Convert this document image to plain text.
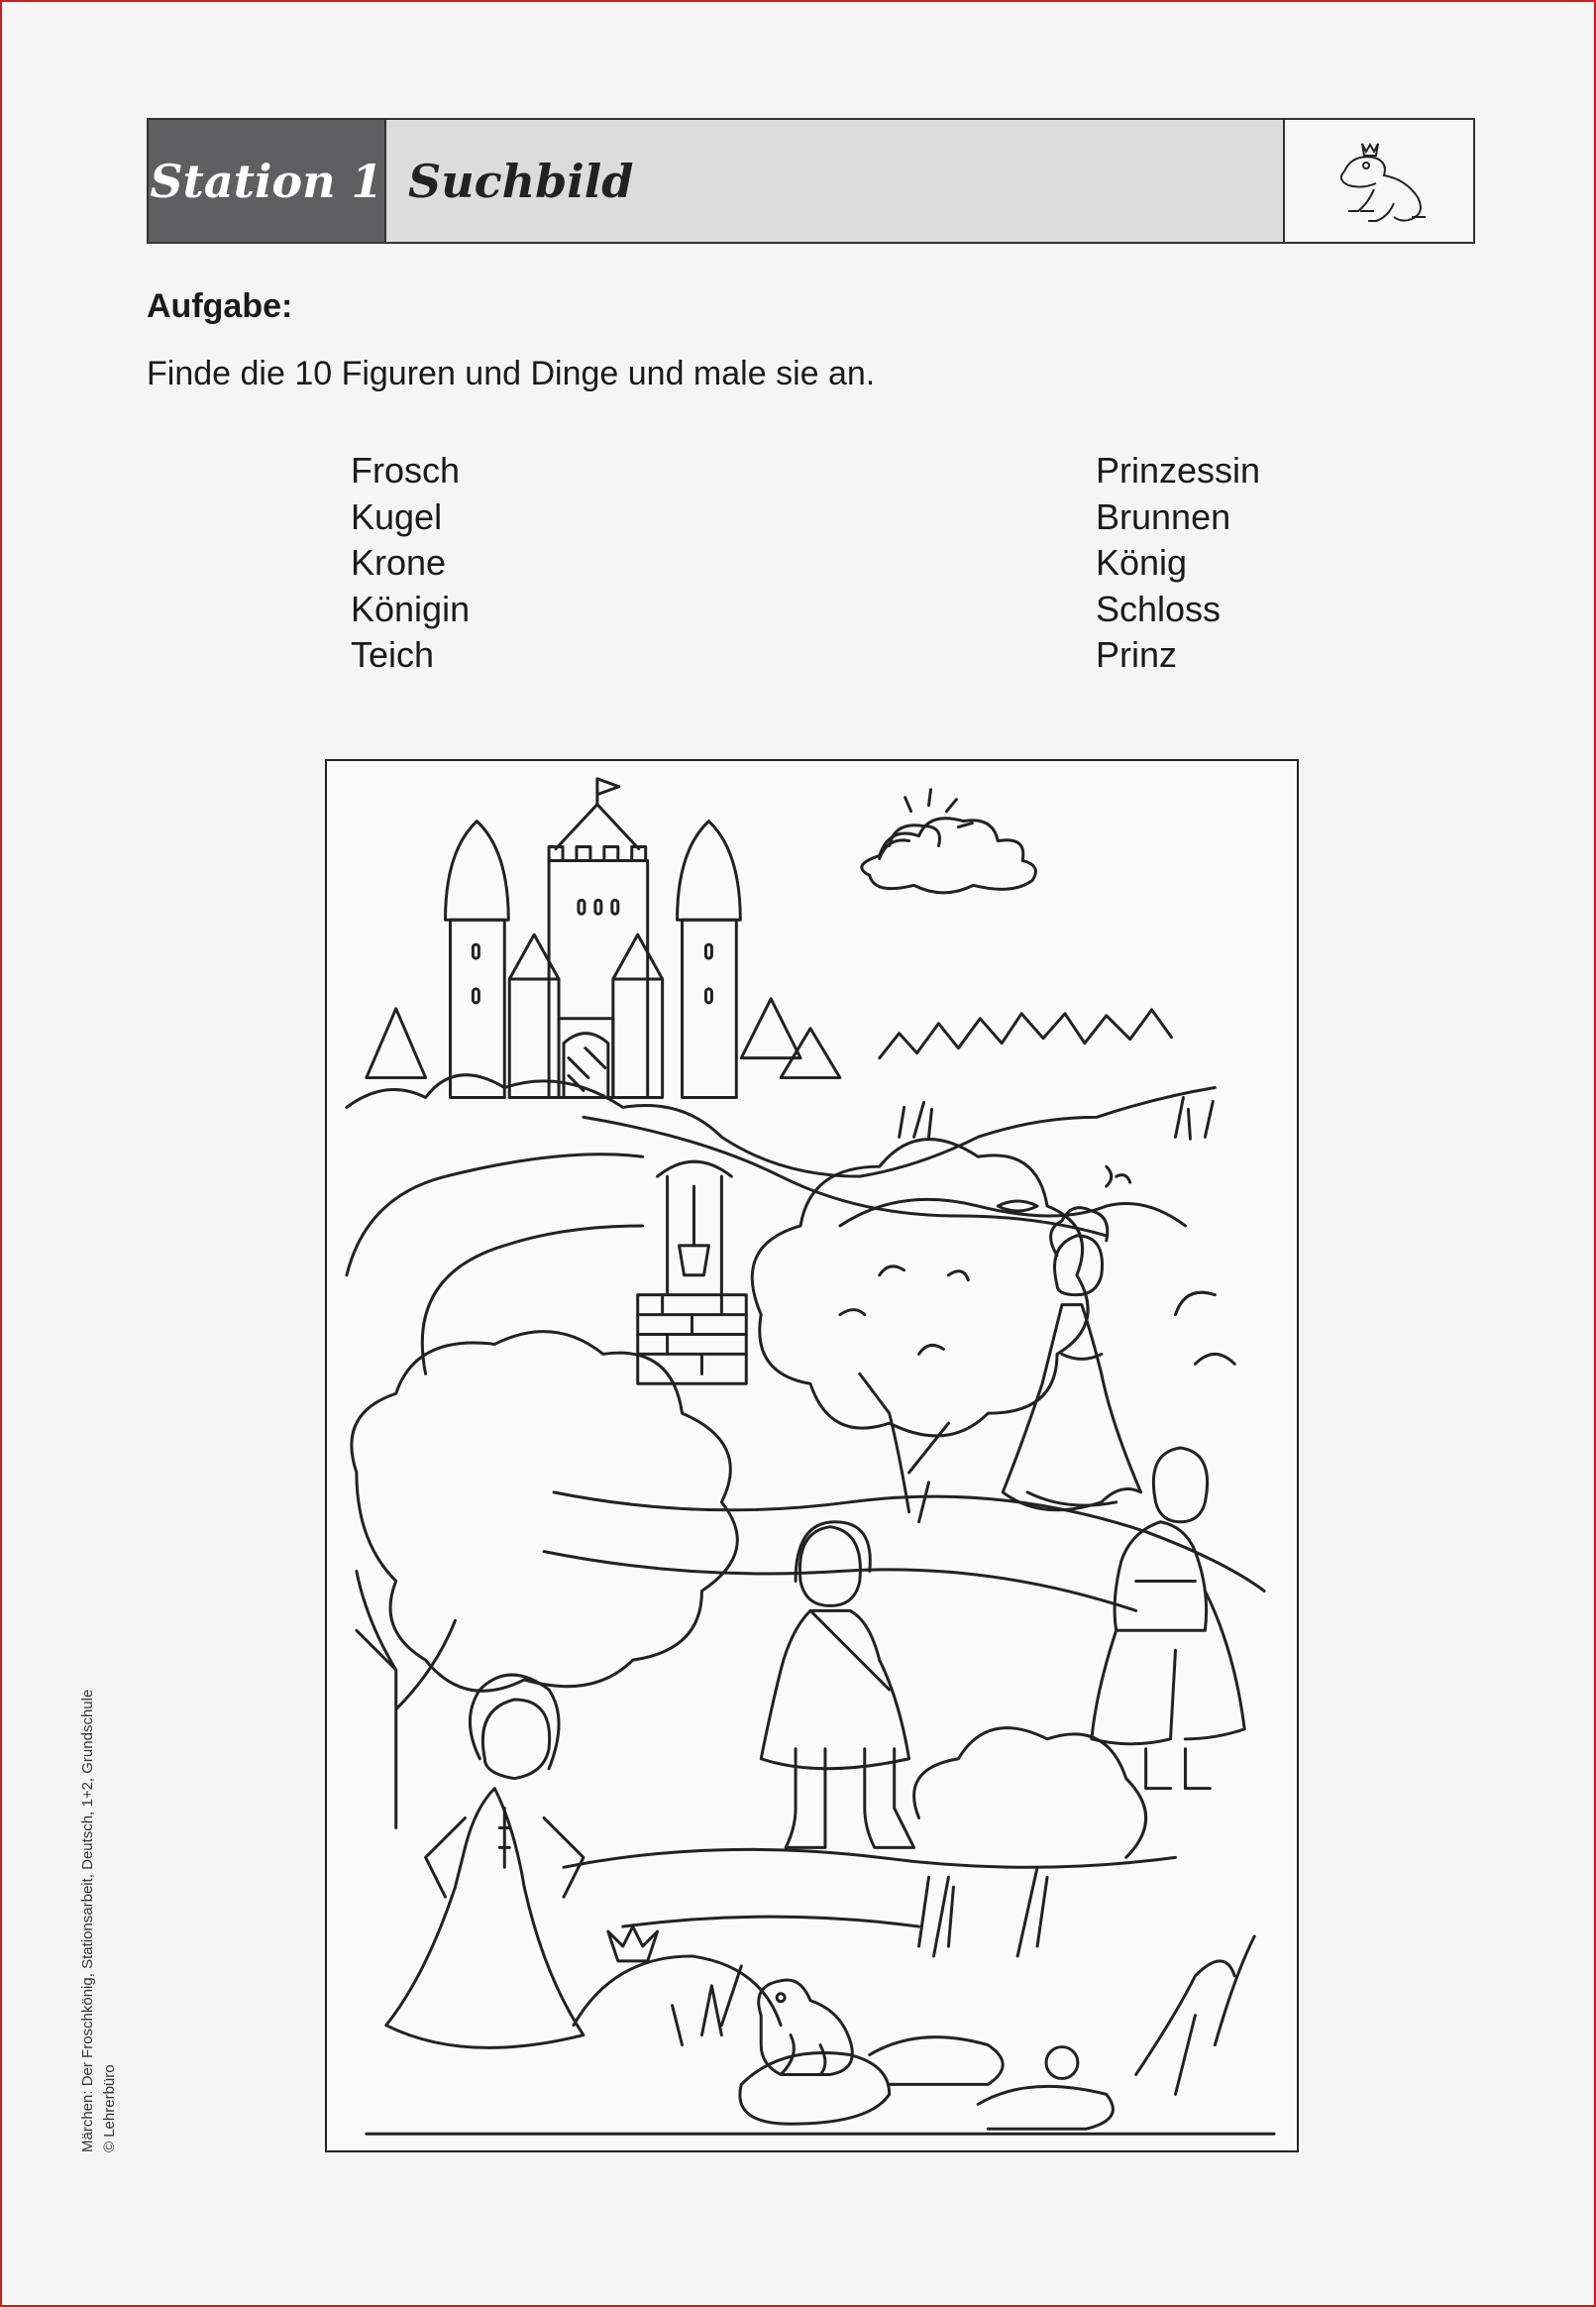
Station 1 Suchbild
Aufgabe:
Finde die 10 Figuren und Dinge und male sie an.
Frosch
Kugel
Krone
Königin
Teich
Prinzessin
Brunnen
König
Schloss
Prinz
Märchen: Der Froschkönig, Stationsarbeit, Deutsch, 1+2, Grundschule © Lehrerbüro
